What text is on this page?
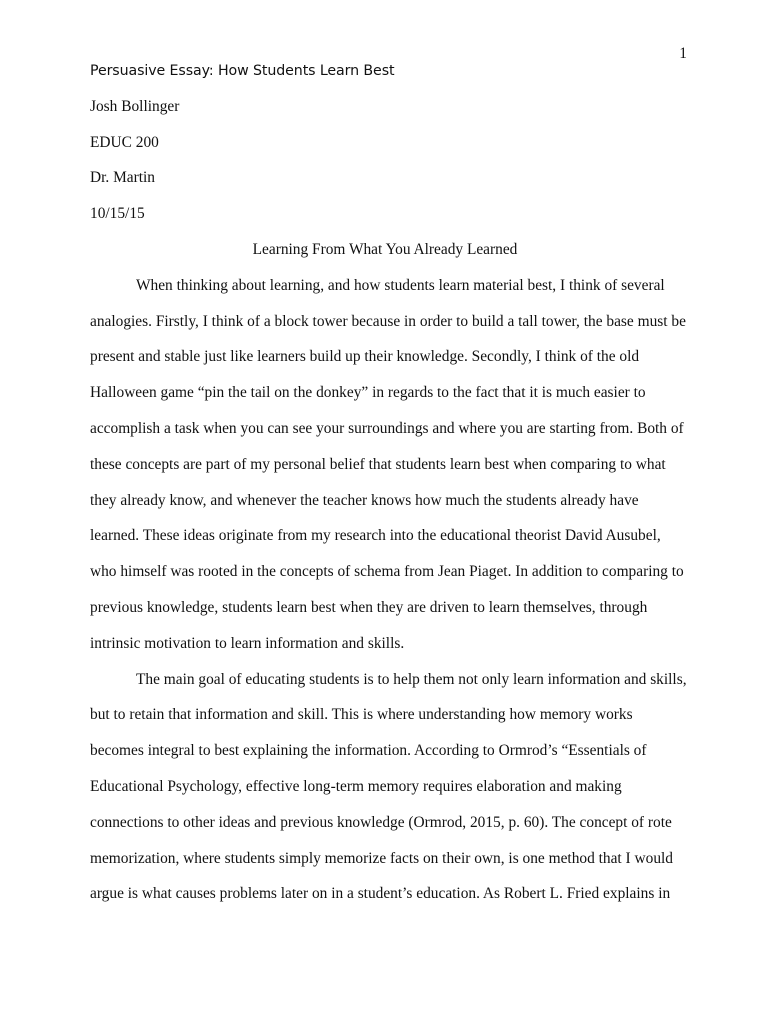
1
Persuasive Essay: How Students Learn Best
Josh Bollinger
EDUC 200
Dr. Martin
10/15/15
Learning From What You Already Learned
When thinking about learning, and how students learn material best, I think of several
analogies. Firstly, I think of a block tower because in order to build a tall tower, the base must be
present and stable just like learners build up their knowledge. Secondly, I think of the old
Halloween game “pin the tail on the donkey” in regards to the fact that it is much easier to
accomplish a task when you can see your surroundings and where you are starting from. Both of
these concepts are part of my personal belief that students learn best when comparing to what
they already know, and whenever the teacher knows how much the students already have
learned. These ideas originate from my research into the educational theorist David Ausubel,
who himself was rooted in the concepts of schema from Jean Piaget. In addition to comparing to
previous knowledge, students learn best when they are driven to learn themselves, through
intrinsic motivation to learn information and skills.
The main goal of educating students is to help them not only learn information and skills,
but to retain that information and skill. This is where understanding how memory works
becomes integral to best explaining the information. According to Ormrod’s “Essentials of
Educational Psychology, effective long-term memory requires elaboration and making
connections to other ideas and previous knowledge (Ormrod, 2015, p. 60). The concept of rote
memorization, where students simply memorize facts on their own, is one method that I would
argue is what causes problems later on in a student’s education. As Robert L. Fried explains in
